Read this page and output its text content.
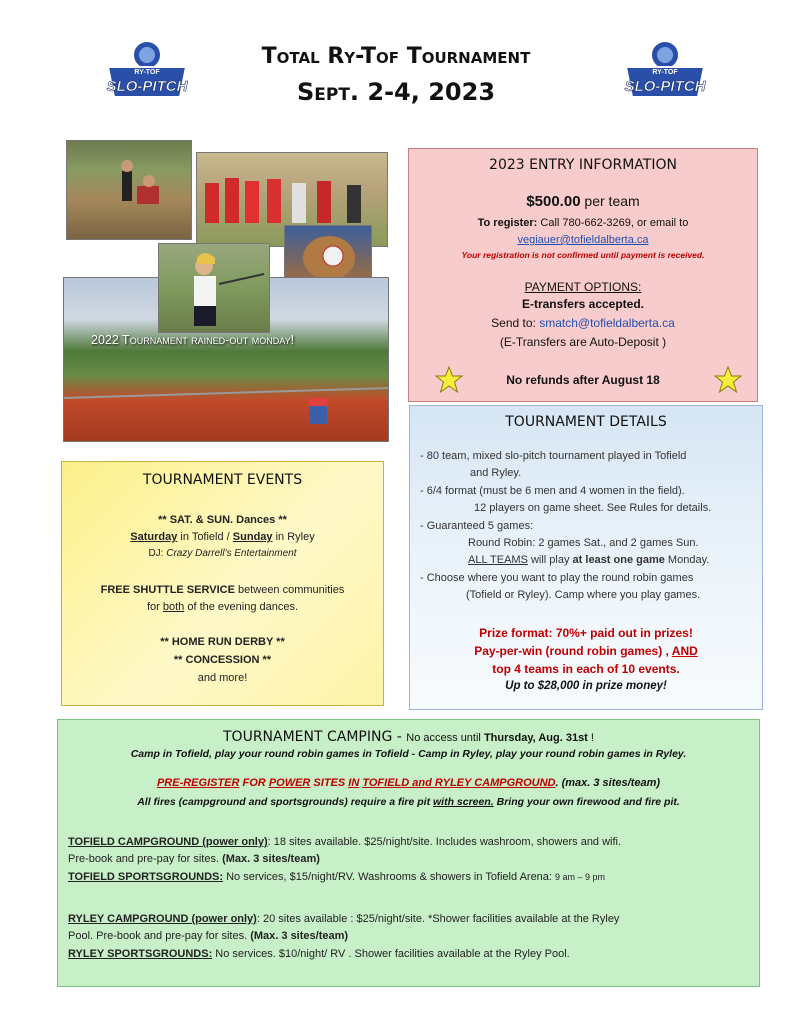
RY-TOF
SLO-PITCH
RY-TOF
SLO-PITCH
Total Ry-Tof Tournament
Sept. 2-4, 2023
2022 Tournament rained-out monday!
2023 ENTRY INFORMATION
$500.00 per team
To register: Call 780-662-3269, or email to
vegiauer@tofieldalberta.ca
Your registration is not confirmed until payment is received.
PAYMENT OPTIONS:
E-transfers accepted.
Send to: smatch@tofieldalberta.ca
(E-Transfers are Auto-Deposit )
No refunds after August 18
TOURNAMENT DETAILS
- 80 team, mixed slo-pitch tournament played in Tofield
and Ryley.
- 6/4 format (must be 6 men and 4 women in the field).
12 players on game sheet. See Rules for details.
- Guaranteed 5 games:
Round Robin: 2 games Sat., and 2 games Sun.
ALL TEAMS will play at least one game Monday.
- Choose where you want to play the round robin games
(Tofield or Ryley). Camp where you play games.
Prize format: 70%+ paid out in prizes!
Pay-per-win (round robin games) , AND
top 4 teams in each of 10 events.
Up to $28,000 in prize money!
TOURNAMENT EVENTS
** SAT. & SUN. Dances **
Saturday in Tofield / Sunday in Ryley
DJ: Crazy Darrell's Entertainment
FREE SHUTTLE SERVICE between communities
for both of the evening dances.
** HOME RUN DERBY **
** CONCESSION **
and more!
TOURNAMENT CAMPING - No access until Thursday, Aug. 31st !
Camp in Tofield, play your round robin games in Tofield - Camp in Ryley, play your round robin games in Ryley.
PRE-REGISTER FOR POWER SITES IN TOFIELD and RYLEY CAMPGROUND. (max. 3 sites/team)
All fires (campground and sportsgrounds) require a fire pit with screen. Bring your own firewood and fire pit.
TOFIELD CAMPGROUND (power only): 18 sites available. $25/night/site. Includes washroom, showers and wifi.
Pre-book and pre-pay for sites. (Max. 3 sites/team)
TOFIELD SPORTSGROUNDS: No services, $15/night/RV. Washrooms & showers in Tofield Arena: 9 am – 9 pm
RYLEY CAMPGROUND (power only): 20 sites available : $25/night/site. *Shower facilities available at the Ryley
Pool. Pre-book and pre-pay for sites. (Max. 3 sites/team)
RYLEY SPORTSGROUNDS: No services. $10/night/ RV . Shower facilities available at the Ryley Pool.
